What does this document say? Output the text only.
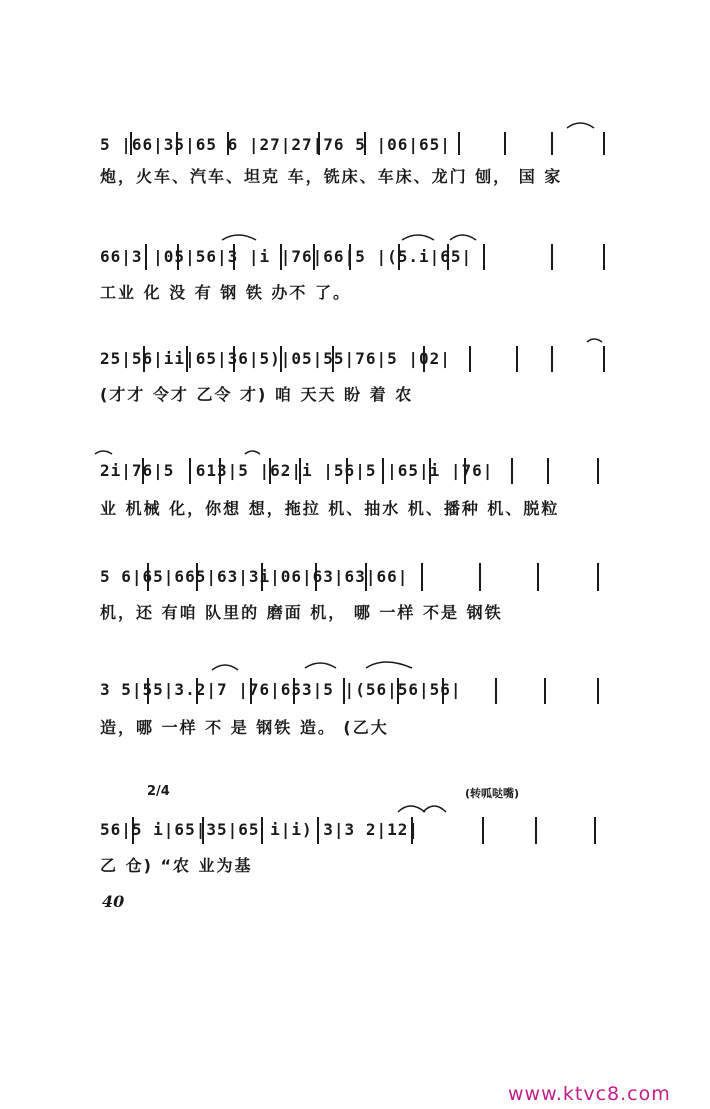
5 |66|35|65 6 |27|27|76 5 |06|65|
炮，火车、汽车、坦克 车，铣床、车床、龙门 刨， 国 家
66|3 |05|56|3 |i |76|66|5 |(5.i|65|
工业 化 没 有 钢 铁 办不 了。
25|56|ii|65|36|5)|05|55|76|5 |02|
(才才 令才 乙令 才) 咱 天天 盼 着 农
2i|76|5 |613|5 |62|i |56|5 |65|i |76|
业 机械 化，你想 想，拖拉 机、抽水 机、播种 机、脱粒
5 6|65|665|63|3i|06|63|63|66|
机，还 有咱 队里的 磨面 机， 哪 一样 不是 钢铁
3 5|55|3.2|7 |76|653|5 |(56|56|56|
造，哪 一样 不 是 钢铁 造。 (乙大
2/4	(转呱哒嘴)
56|5 i|65|35|65 i|i) 3|3 2|12|
乙 仓) “农 业为基
40
www.ktvc8.com
